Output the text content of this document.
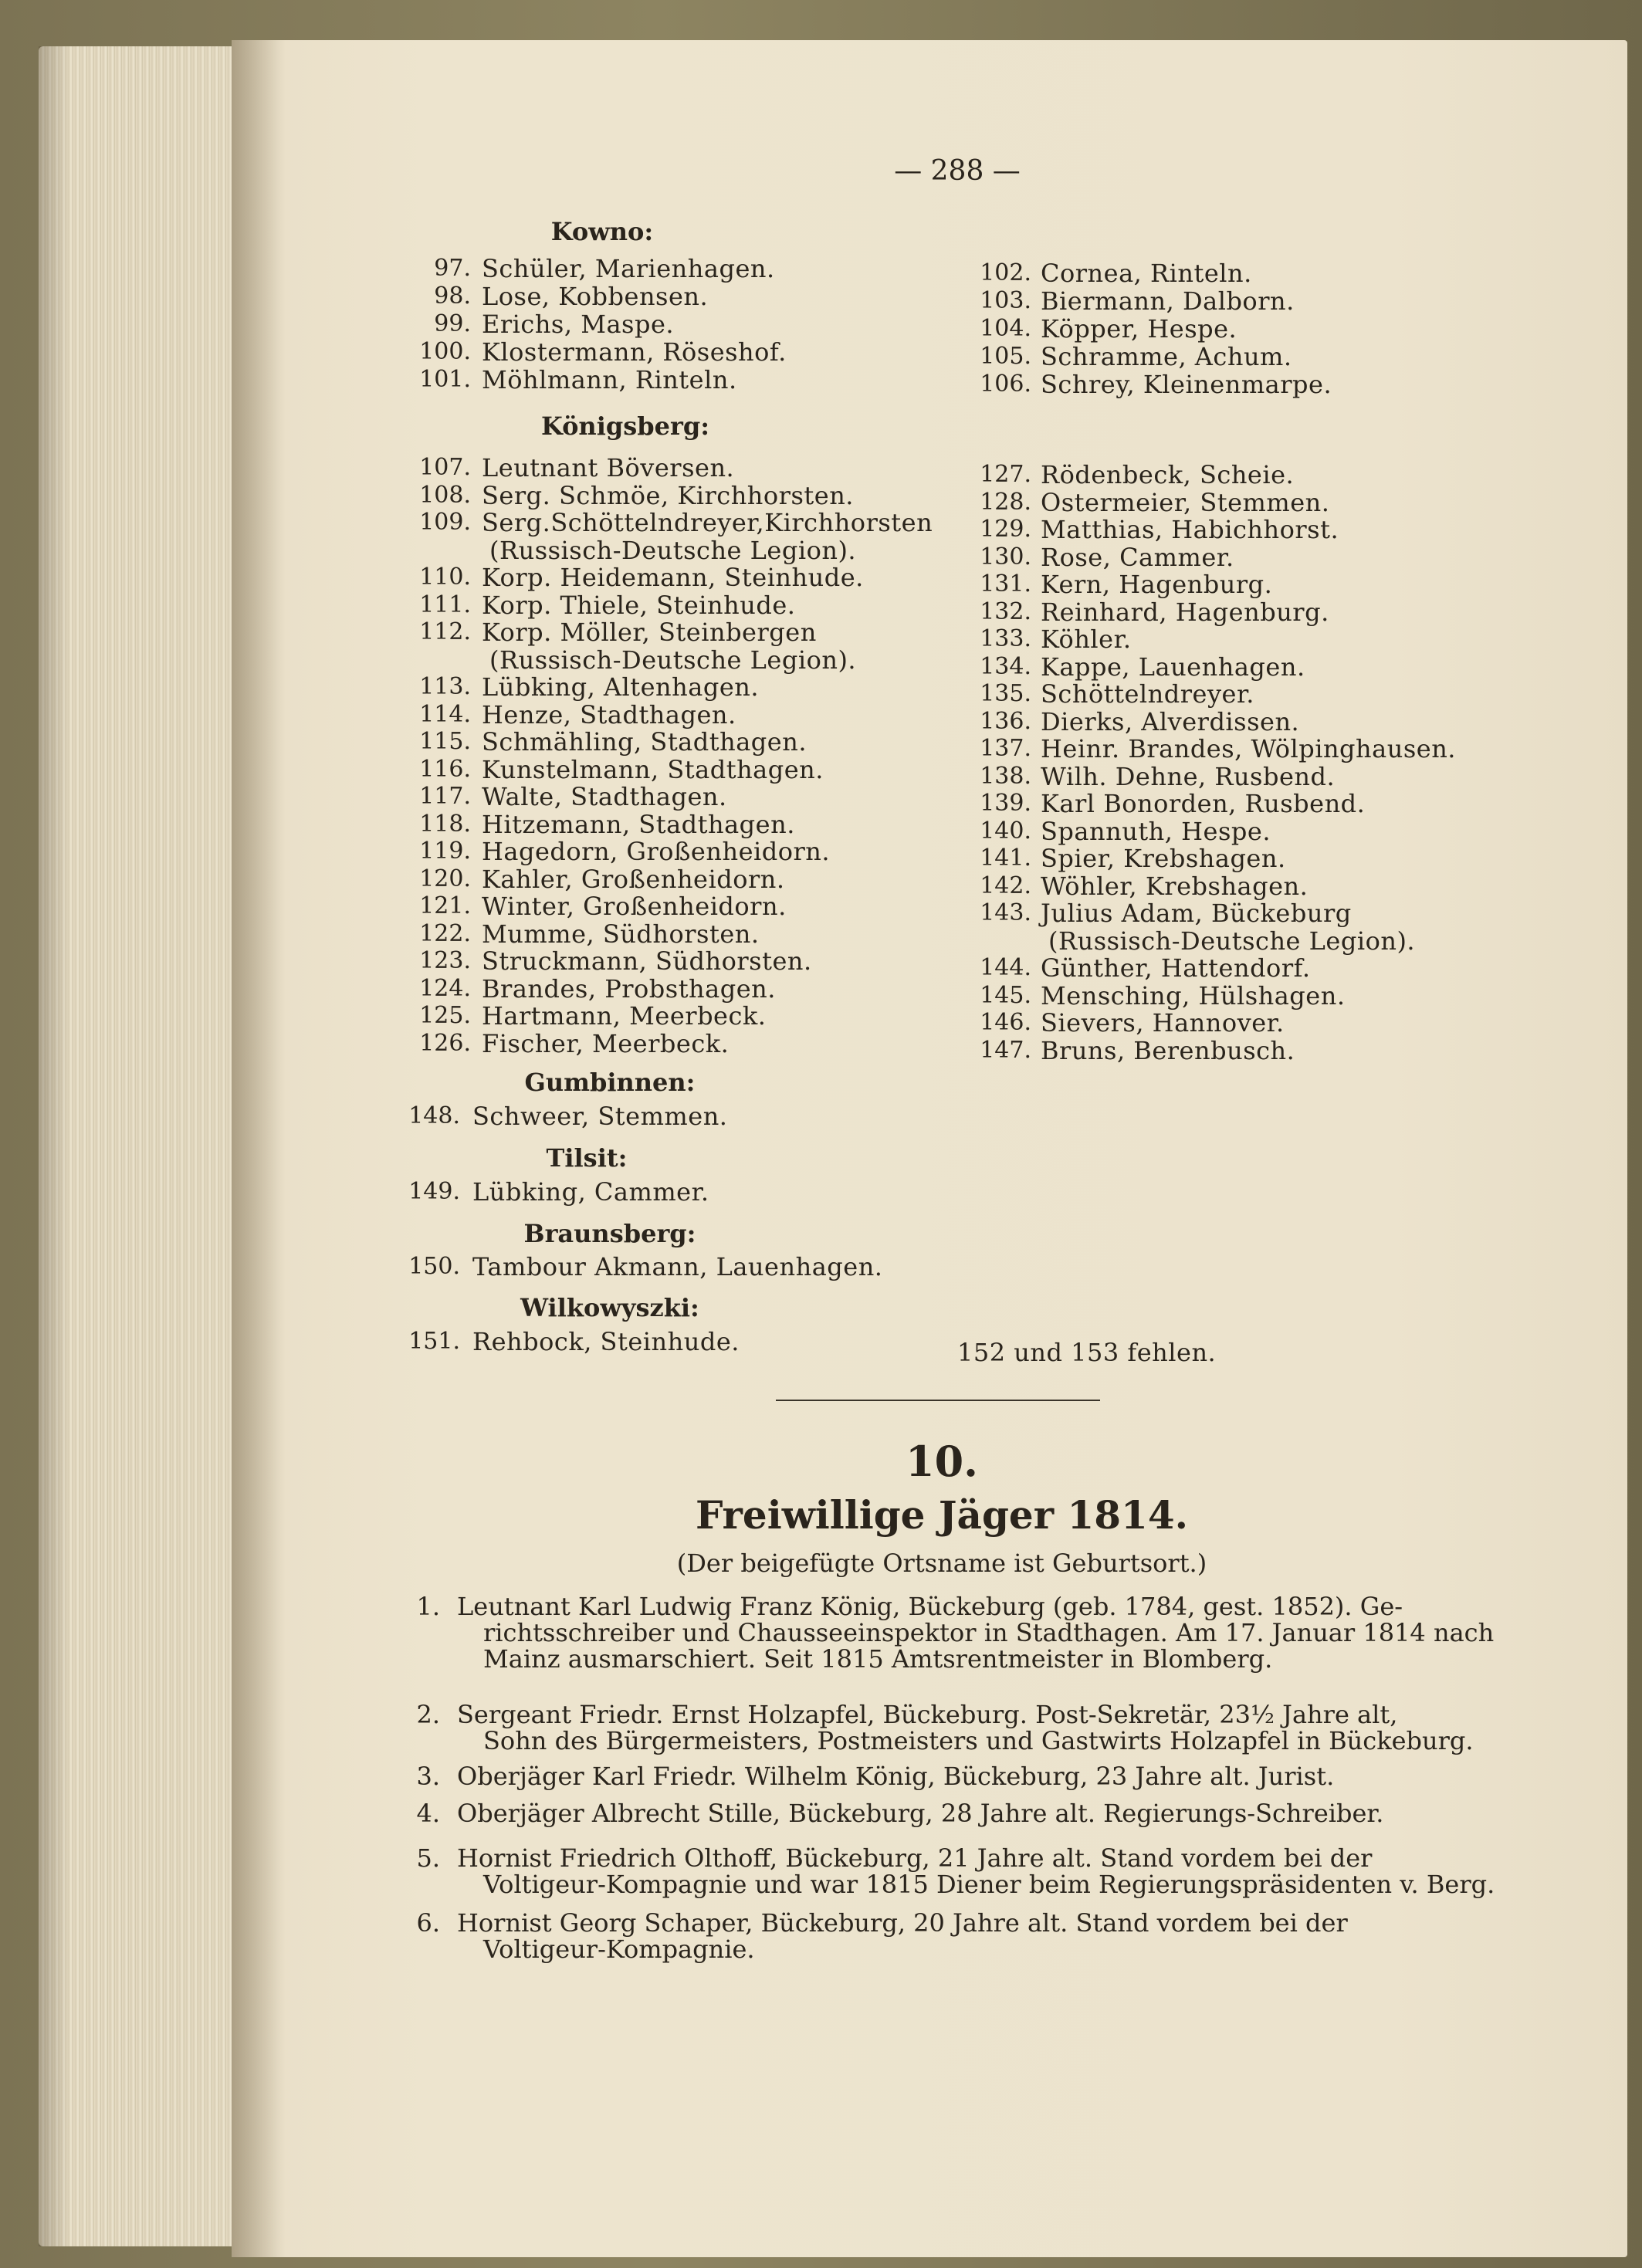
— 288 —
Kowno:
Königsberg:
Gumbinnen:
Tilsit:
Braunsberg:
Wilkowyszki:
97. Schüler, Marienhagen.
98. Lose, Kobbensen.
99. Erichs, Maspe.
100. Klostermann, Röseshof.
101. Möhlmann, Rinteln.
102. Cornea, Rinteln.
103. Biermann, Dalborn.
104. Köpper, Hespe.
105. Schramme, Achum.
106. Schrey, Kleinenmarpe.
107. Leutnant Böversen.
108. Serg. Schmöe, Kirchhorsten.
109. Serg.Schöttelndreyer,Kirchhorsten
(Russisch-Deutsche Legion).
110. Korp. Heidemann, Steinhude.
111. Korp. Thiele, Steinhude.
112. Korp. Möller, Steinbergen
(Russisch-Deutsche Legion).
113. Lübking, Altenhagen.
114. Henze, Stadthagen.
115. Schmähling, Stadthagen.
116. Kunstelmann, Stadthagen.
117. Walte, Stadthagen.
118. Hitzemann, Stadthagen.
119. Hagedorn, Großenheidorn.
120. Kahler, Großenheidorn.
121. Winter, Großenheidorn.
122. Mumme, Südhorsten.
123. Struckmann, Südhorsten.
124. Brandes, Probsthagen.
125. Hartmann, Meerbeck.
126. Fischer, Meerbeck.
127. Rödenbeck, Scheie.
128. Ostermeier, Stemmen.
129. Matthias, Habichhorst.
130. Rose, Cammer.
131. Kern, Hagenburg.
132. Reinhard, Hagenburg.
133. Köhler.
134. Kappe, Lauenhagen.
135. Schöttelndreyer.
136. Dierks, Alverdissen.
137. Heinr. Brandes, Wölpinghausen.
138. Wilh. Dehne, Rusbend.
139. Karl Bonorden, Rusbend.
140. Spannuth, Hespe.
141. Spier, Krebshagen.
142. Wöhler, Krebshagen.
143. Julius Adam, Bückeburg
(Russisch-Deutsche Legion).
144. Günther, Hattendorf.
145. Mensching, Hülshagen.
146. Sievers, Hannover.
147. Bruns, Berenbusch.
148. Schweer, Stemmen.
149. Lübking, Cammer.
150. Tambour Akmann, Lauenhagen.
151. Rehbock, Steinhude.	152 und 153 fehlen.
10.
Freiwillige Jäger 1814.
(Der beigefügte Ortsname ist Geburtsort.)
1. Leutnant Karl Ludwig Franz König, Bückeburg (geb. 1784, gest. 1852). Ge-
richtsschreiber und Chausseeinspektor in Stadthagen. Am 17. Januar 1814 nach
Mainz ausmarschiert. Seit 1815 Amtsrentmeister in Blomberg.
2. Sergeant Friedr. Ernst Holzapfel, Bückeburg. Post-Sekretär, 23½ Jahre alt,
Sohn des Bürgermeisters, Postmeisters und Gastwirts Holzapfel in Bückeburg.
3. Oberjäger Karl Friedr. Wilhelm König, Bückeburg, 23 Jahre alt. Jurist.
4. Oberjäger Albrecht Stille, Bückeburg, 28 Jahre alt. Regierungs-Schreiber.
5. Hornist Friedrich Olthoff, Bückeburg, 21 Jahre alt. Stand vordem bei der
Voltigeur-Kompagnie und war 1815 Diener beim Regierungspräsidenten v. Berg.
6. Hornist Georg Schaper, Bückeburg, 20 Jahre alt. Stand vordem bei der
Voltigeur-Kompagnie.
